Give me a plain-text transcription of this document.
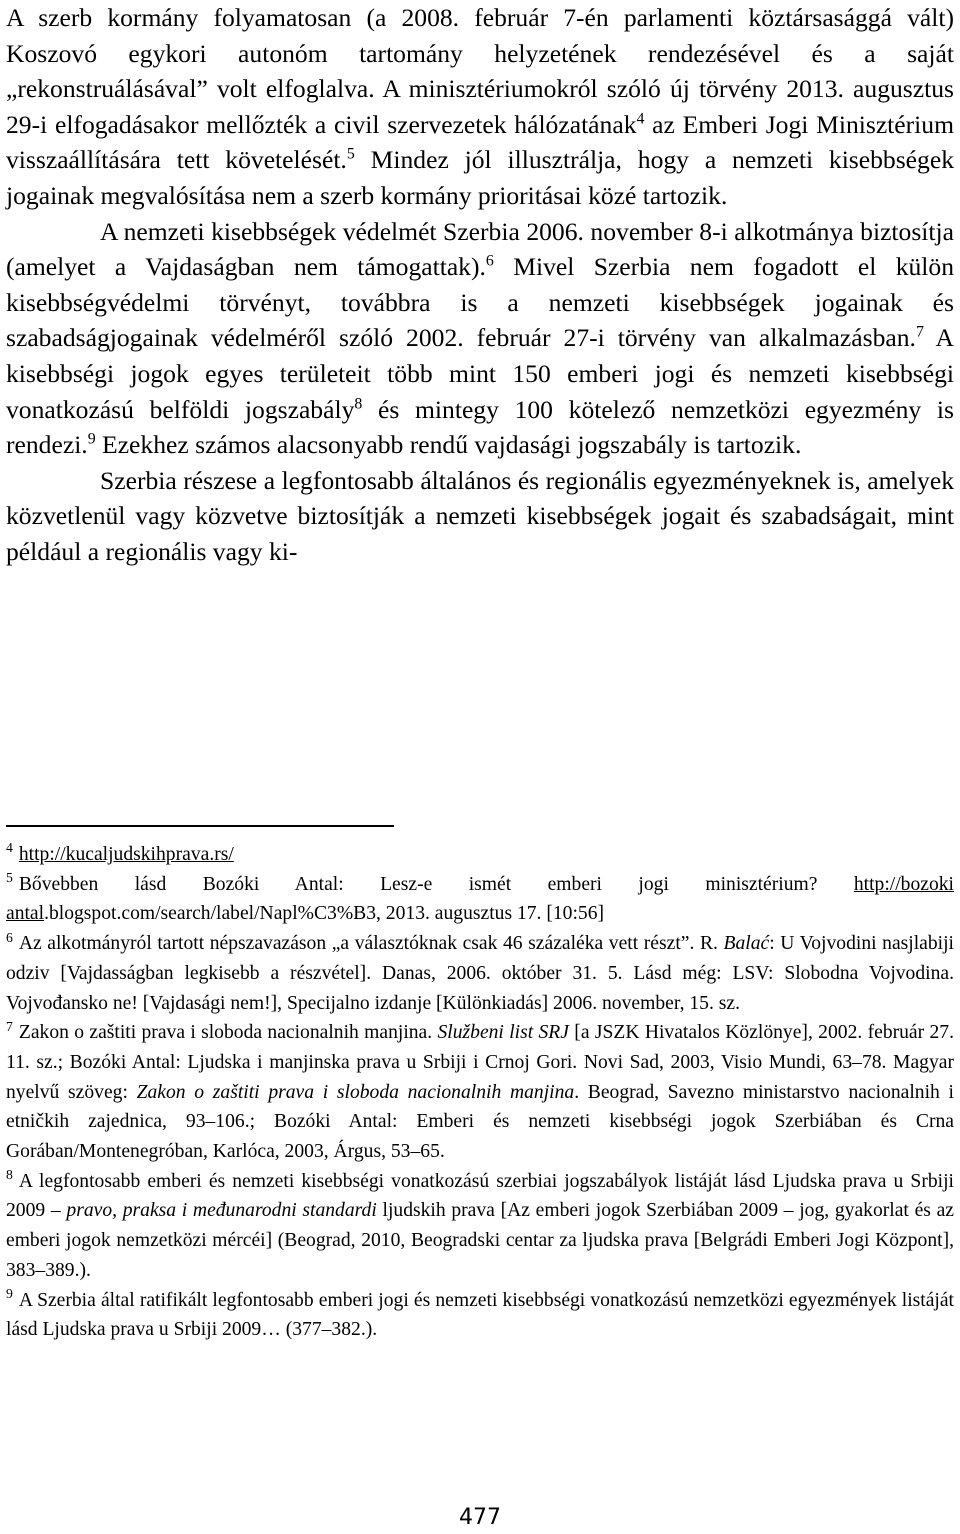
A szerb kormány folyamatosan (a 2008. február 7-én parlamenti köztársasággá vált) Koszovó egykori autonóm tartomány helyzetének rendezésével és a saját „rekonstruálásával” volt elfoglalva. A minisztériumokról szóló új törvény 2013. augusztus 29-i elfogadásakor mellőzték a civil szervezetek hálózatának$^4$ az Emberi Jogi Minisztérium visszaállítására tett követelését.$^5$ Mindez jól illusztrálja, hogy a nemzeti kisebbségek jogainak megvalósítása nem a szerb kormány prioritásai közé tartozik.

A nemzeti kisebbségek védelmét Szerbia 2006. november 8-i alkotmánya biztosítja (amelyet a Vajdaságban nem támogattak).$^6$ Mivel Szerbia nem fogadott el külön kisebbségvédelmi törvényt, továbbra is a nemzeti kisebbségek jogainak és szabadságjogainak védelméről szóló 2002. február 27-i törvény van alkalmazásban.$^7$ A kisebbségi jogok egyes területeit több mint 150 emberi jogi és nemzeti kisebbségi vonatkozású belföldi jogszabály$^8$ és mintegy 100 kötelező nemzetközi egyezmény is rendezi.$^9$ Ezekhez számos alacsonyabb rendű vajdasági jogszabály is tartozik.

Szerbia részese a legfontosabb általános és regionális egyezményeknek is, amelyek közvetlenül vagy közvetve biztosítják a nemzeti kisebbségek jogait és szabadságait, mint például a regionális vagy ki-

$^4$ http://kucaljudskihprava.rs/

$^5$ Bővebben lásd Bozóki Antal: Lesz-e ismét emberi jogi minisztérium? http://bozoki antal.blogspot.com/search/label/Napl%C3%B3, 2013. augusztus 17. [10:56]

$^6$ Az alkotmányról tartott népszavazáson „a választóknak csak 46 százaléka vett részt”. R. Balać: U Vojvodini nasjlabiji odziv [Vajdasságban legkisebb a részvétel]. Danas, 2006. október 31. 5. Lásd még: LSV: Slobodna Vojvodina. Vojvođansko ne! [Vajdasági nem!], Specijalno izdanje [Különkiadás] 2006. november, 15. sz.

$^7$ Zakon o zaštiti prava i sloboda nacionalnih manjina. Službeni list SRJ [a JSZK Hivatalos Közlönye], 2002. február 27. 11. sz.; Bozóki Antal: Ljudska i manjinska prava u Srbiji i Crnoj Gori. Novi Sad, 2003, Visio Mundi, 63–78. Magyar nyelvű szöveg: Zakon o zaštiti prava i sloboda nacionalnih manjina. Beograd, Savezno ministarstvo nacionalnih i etničkih zajednica, 93–106.; Bozóki Antal: Emberi és nemzeti kisebbségi jogok Szerbiában és Crna Gorában/Montenegróban, Karlóca, 2003, Árgus, 53–65.

$^8$ A legfontosabb emberi és nemzeti kisebbségi vonatkozású szerbiai jogszabályok listáját lásd Ljudska prava u Srbiji 2009 – pravo, praksa i međunarodni standardi ljudskih prava [Az emberi jogok Szerbiában 2009 – jog, gyakorlat és az emberi jogok nemzetközi mércéi] (Beograd, 2010, Beogradski centar za ljudska prava [Belgrádi Emberi Jogi Központ], 383–389.).

$^9$ A Szerbia által ratifikált legfontosabb emberi jogi és nemzeti kisebbségi vonatkozású nemzetközi egyezmények listáját lásd Ljudska prava u Srbiji 2009… (377–382.).

477
